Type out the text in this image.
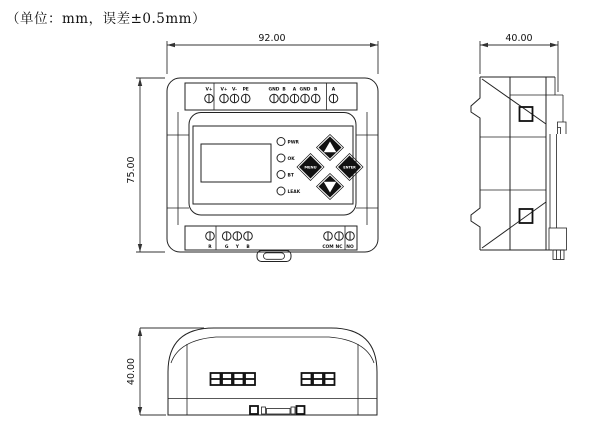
（单位：mm，误差±0.5mm）
92.00
75.00
V+ V+ V- PE	GND B A GND B	A
R	G Y B	COM NC NO
PWR
OK
BT
LEAK
MENU	ENTER
40.00
40.00
